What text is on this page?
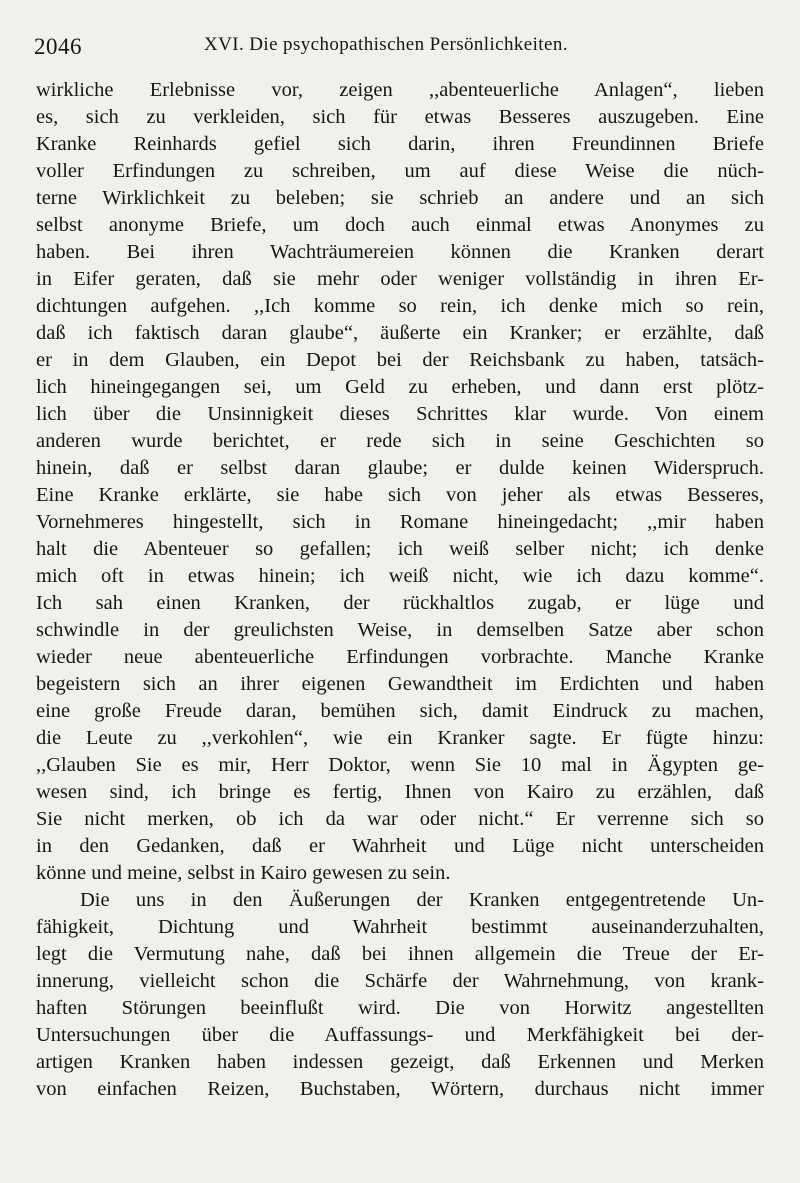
2046	XVI. Die psychopathischen Persönlichkeiten.
wirkliche Erlebnisse vor, zeigen ,,abenteuerliche Anlagen“, lieben
es, sich zu verkleiden, sich für etwas Besseres auszugeben. Eine
Kranke Reinhards gefiel sich darin, ihren Freundinnen Briefe
voller Erfindungen zu schreiben, um auf diese Weise die nüch-
terne Wirklichkeit zu beleben; sie schrieb an andere und an sich
selbst anonyme Briefe, um doch auch einmal etwas Anonymes zu
haben. Bei ihren Wachträumereien können die Kranken derart
in Eifer geraten, daß sie mehr oder weniger vollständig in ihren Er-
dichtungen aufgehen. ,,Ich komme so rein, ich denke mich so rein,
daß ich faktisch daran glaube“, äußerte ein Kranker; er erzählte, daß
er in dem Glauben, ein Depot bei der Reichsbank zu haben, tatsäch-
lich hineingegangen sei, um Geld zu erheben, und dann erst plötz-
lich über die Unsinnigkeit dieses Schrittes klar wurde. Von einem
anderen wurde berichtet, er rede sich in seine Geschichten so
hinein, daß er selbst daran glaube; er dulde keinen Widerspruch.
Eine Kranke erklärte, sie habe sich von jeher als etwas Besseres,
Vornehmeres hingestellt, sich in Romane hineingedacht; ,,mir haben
halt die Abenteuer so gefallen; ich weiß selber nicht; ich denke
mich oft in etwas hinein; ich weiß nicht, wie ich dazu komme“.
Ich sah einen Kranken, der rückhaltlos zugab, er lüge und
schwindle in der greulichsten Weise, in demselben Satze aber schon
wieder neue abenteuerliche Erfindungen vorbrachte. Manche Kranke
begeistern sich an ihrer eigenen Gewandtheit im Erdichten und haben
eine große Freude daran, bemühen sich, damit Eindruck zu machen,
die Leute zu ,,verkohlen“, wie ein Kranker sagte. Er fügte hinzu:
,,Glauben Sie es mir, Herr Doktor, wenn Sie 10 mal in Ägypten ge-
wesen sind, ich bringe es fertig, Ihnen von Kairo zu erzählen, daß
Sie nicht merken, ob ich da war oder nicht.“ Er verrenne sich so
in den Gedanken, daß er Wahrheit und Lüge nicht unterscheiden
könne und meine, selbst in Kairo gewesen zu sein.
Die uns in den Äußerungen der Kranken entgegentretende Un-
fähigkeit, Dichtung und Wahrheit bestimmt auseinanderzuhalten,
legt die Vermutung nahe, daß bei ihnen allgemein die Treue der Er-
innerung, vielleicht schon die Schärfe der Wahrnehmung, von krank-
haften Störungen beeinflußt wird. Die von Horwitz angestellten
Untersuchungen über die Auffassungs- und Merkfähigkeit bei der-
artigen Kranken haben indessen gezeigt, daß Erkennen und Merken
von einfachen Reizen, Buchstaben, Wörtern, durchaus nicht immer
